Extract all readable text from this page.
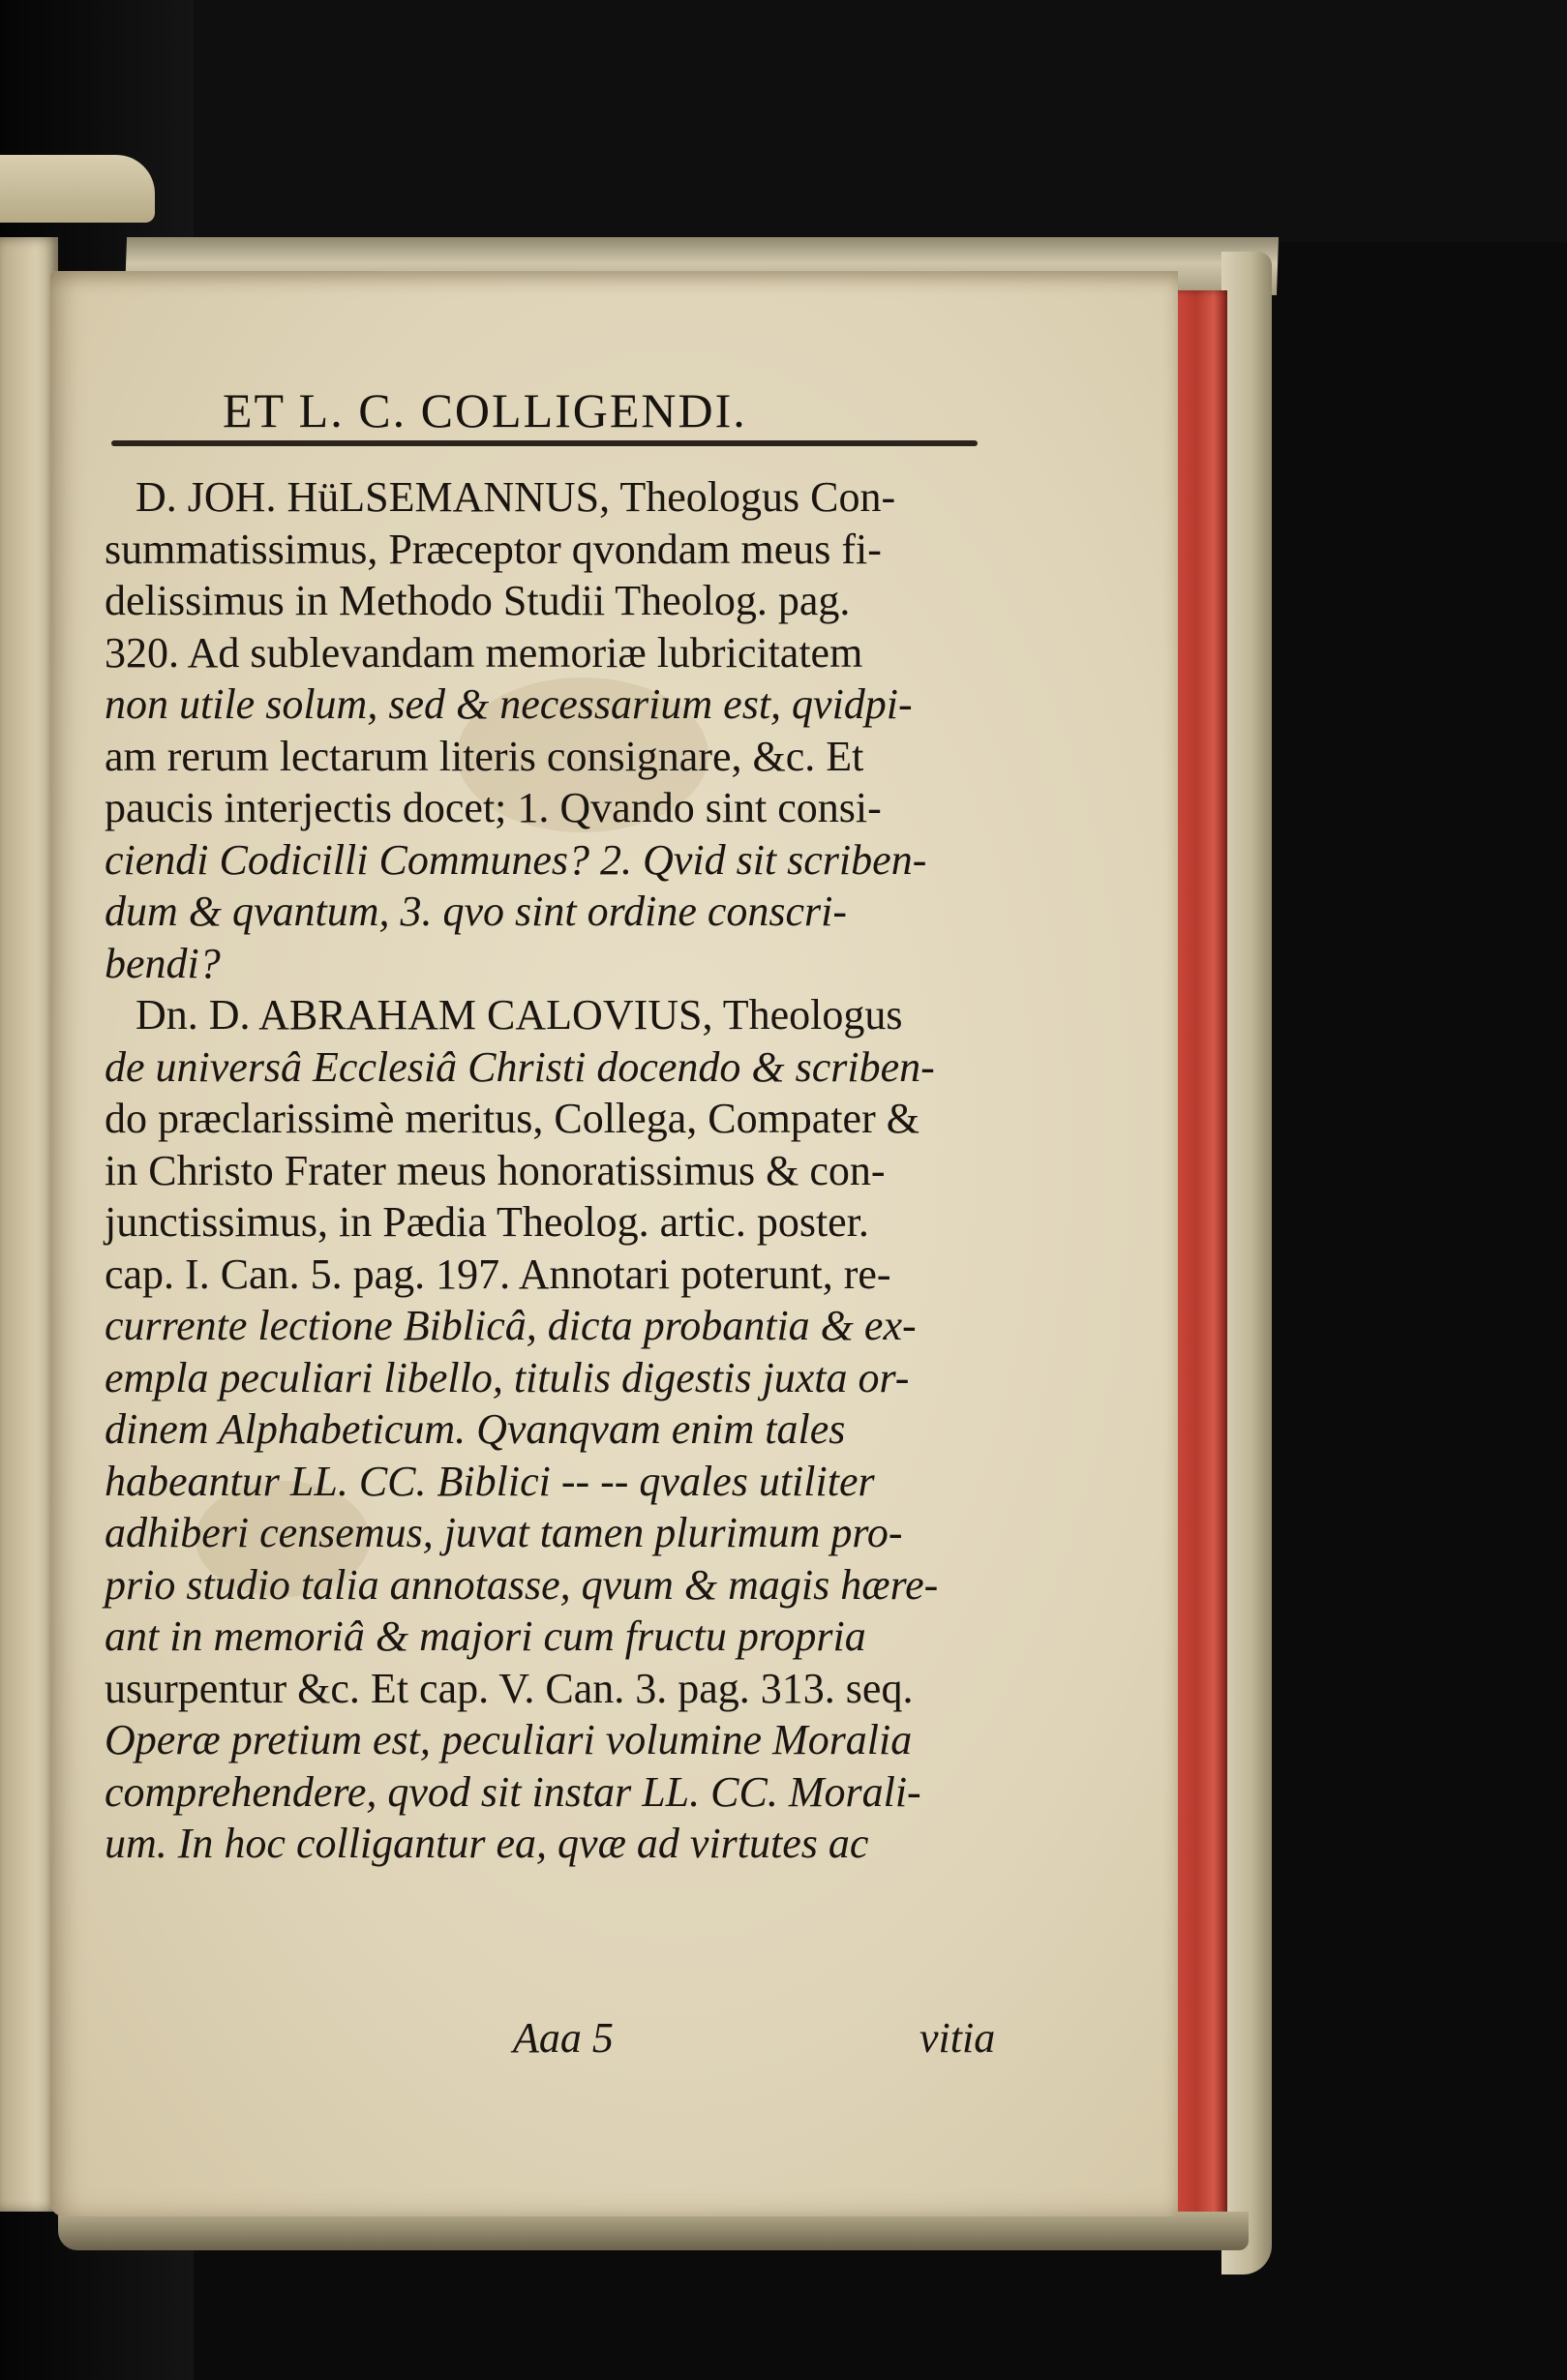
ET L. C. COLLIGENDI.
D. JOH. HüLSEMANNUS, Theologus Con-
summatissimus, Præceptor qvondam meus fi-
delissimus in Methodo Studii Theolog. pag.
320. Ad sublevandam memoriæ lubricitatem
non utile solum, sed & necessarium est, qvidpi-
am rerum lectarum literis consignare, &c. Et
paucis interjectis docet; 1. Qvando sint consi-
ciendi Codicilli Communes? 2. Qvid sit scriben-
dum & qvantum, 3. qvo sint ordine conscri-
bendi?
Dn. D. ABRAHAM CALOVIUS, Theologus
de universâ Ecclesiâ Christi docendo & scriben-
do præclarissimè meritus, Collega, Compater &
in Christo Frater meus honoratissimus & con-
junctissimus, in Pædia Theolog. artic. poster.
cap. I. Can. 5. pag. 197. Annotari poterunt, re-
currente lectione Biblicâ, dicta probantia & ex-
empla peculiari libello, titulis digestis juxta or-
dinem Alphabeticum. Qvanqvam enim tales
habeantur LL. CC. Biblici -- -- qvales utiliter
adhiberi censemus, juvat tamen plurimum pro-
prio studio talia annotasse, qvum & magis hære-
ant in memoriâ & majori cum fructu propria
usurpentur &c. Et cap. V. Can. 3. pag. 313. seq.
Operæ pretium est, peculiari volumine Moralia
comprehendere, qvod sit instar LL. CC. Morali-
um. In hoc colligantur ea, qvæ ad virtutes ac
Aaa 5	vitia
